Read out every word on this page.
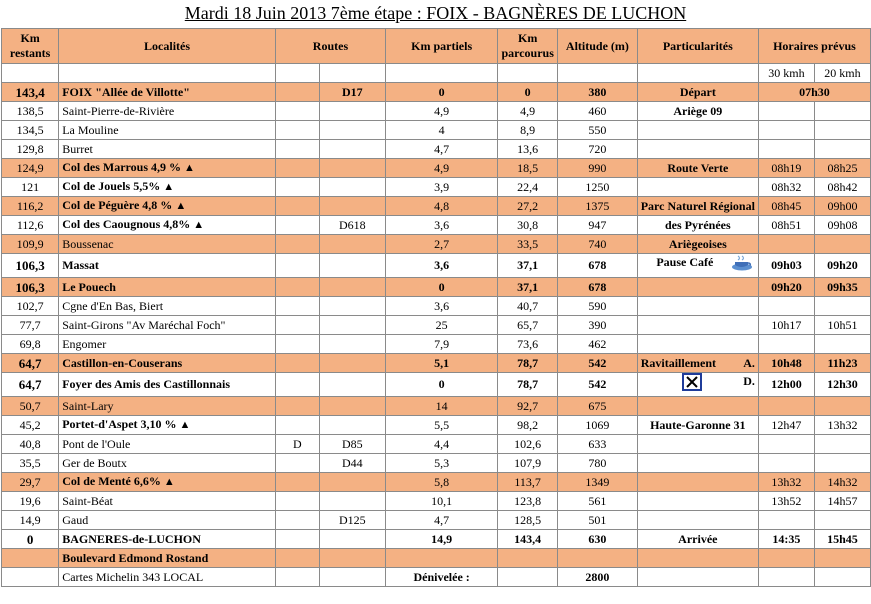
Mardi 18 Juin 2013 7ème étape : FOIX - BAGNÈRES DE LUCHON
Km restants	Localités	Routes		Km partiels	Km parcourus	Altitude (m)	Particularités	Horaires prévus	
								30 kmh	20 kmh
143,4	FOIX "Allée de Villotte"		D17	0	0	380	Départ	07h30	
138,5	Saint-Pierre-de-Rivière			4,9	4,9	460	Ariège 09		
134,5	La Mouline			4	8,9	550			
129,8	Burret			4,7	13,6	720			
124,9	Col des Marrous 4,9 % ▲			4,9	18,5	990	Route Verte	08h19	08h25
121	Col de Jouels 5,5% ▲			3,9	22,4	1250		08h32	08h42
116,2	Col de Péguère 4,8 % ▲			4,8	27,2	1375	Parc Naturel Régional	08h45	09h00
112,6	Col des Caougnous 4,8% ▲		D618	3,6	30,8	947	des Pyrénées	08h51	09h08
109,9	Boussenac			2,7	33,5	740	Ariègeoises		
106,3	Massat			3,6	37,1	678	Pause Café	09h03	09h20
106,3	Le Pouech			0	37,1	678		09h20	09h35
102,7	Cgne d'En Bas, Biert			3,6	40,7	590			
77,7	Saint-Girons "Av Maréchal Foch"			25	65,7	390		10h17	10h51
69,8	Engomer			7,9	73,6	462			
64,7	Castillon-en-Couserans			5,1	78,7	542	Ravitaillement A.	10h48	11h23
64,7	Foyer des Amis des Castillonnais			0	78,7	542	D.	12h00	12h30
50,7	Saint-Lary			14	92,7	675			
45,2	Portet-d'Aspet 3,10 % ▲			5,5	98,2	1069	Haute-Garonne 31	12h47	13h32
40,8	Pont de l'Oule	D	D85	4,4	102,6	633			
35,5	Ger de Boutx		D44	5,3	107,9	780			
29,7	Col de Menté 6,6% ▲			5,8	113,7	1349		13h32	14h32
19,6	Saint-Béat			10,1	123,8	561		13h52	14h57
14,9	Gaud		D125	4,7	128,5	501			
0	BAGNERES-de-LUCHON			14,9	143,4	630	Arrivée	14:35	15h45
	Boulevard Edmond Rostand								
	Cartes Michelin 343 LOCAL			Dénivelée :		2800			
